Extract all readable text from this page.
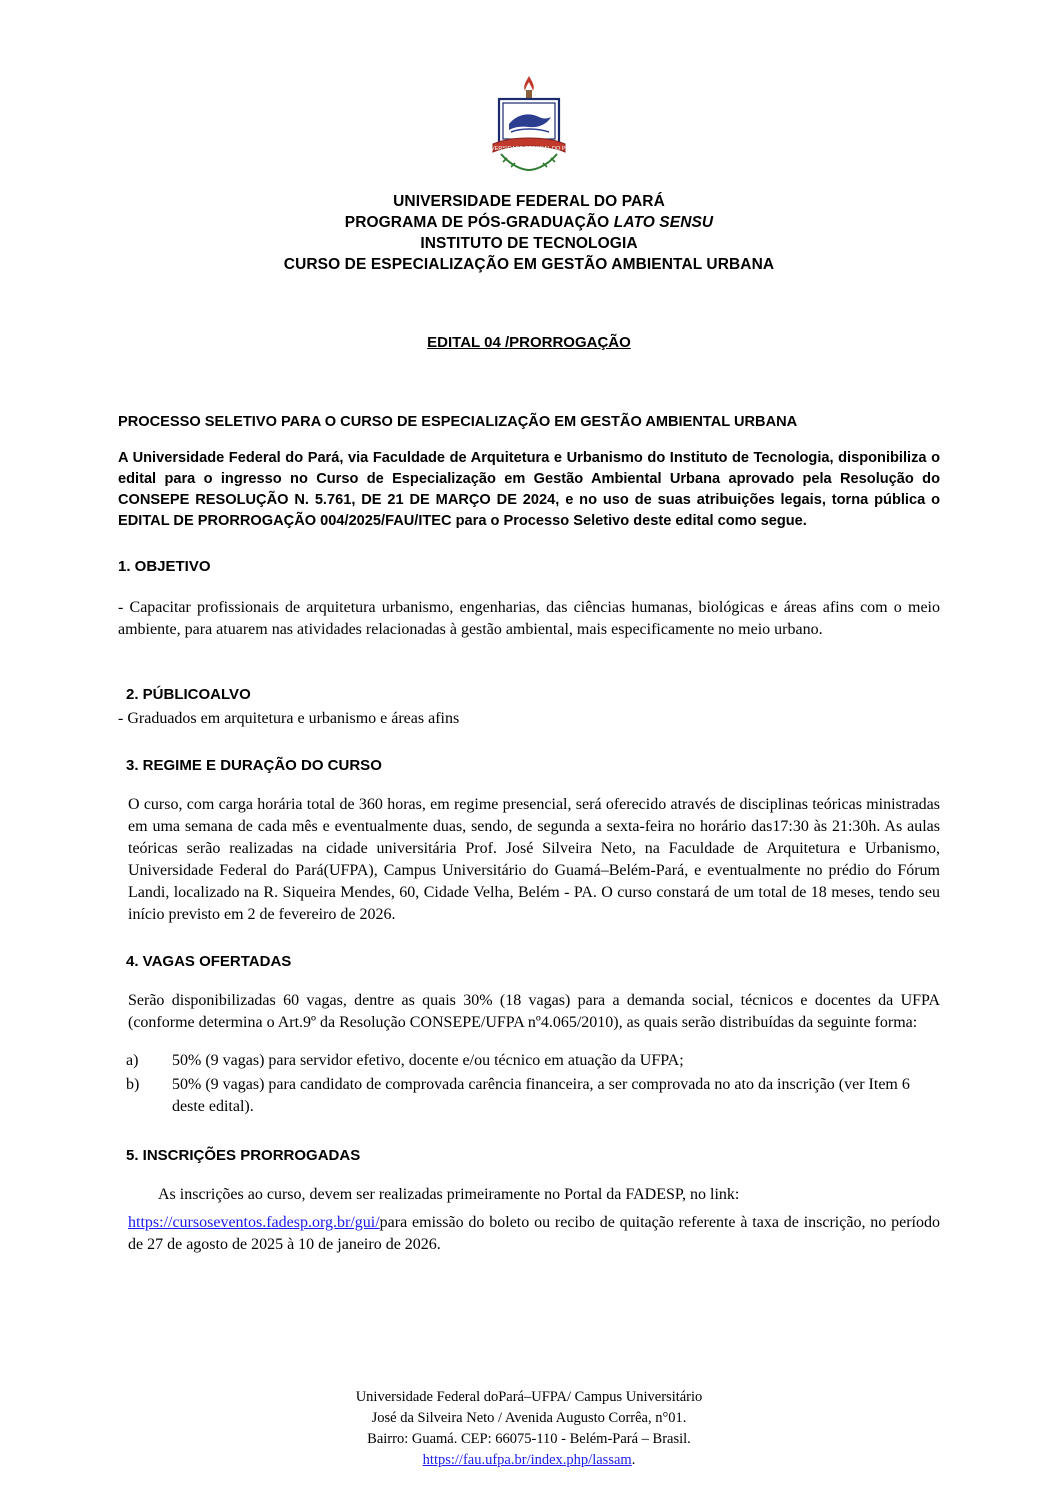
UNIVERSIDADE FEDERAL DO PARÁ
UNIVERSIDADE FEDERAL DO PARÁ
PROGRAMA DE PÓS-GRADUAÇÃO LATO SENSU
INSTITUTO DE TECNOLOGIA
CURSO DE ESPECIALIZAÇÃO EM GESTÃO AMBIENTAL URBANA
EDITAL 04 /PRORROGAÇÃO
PROCESSO SELETIVO PARA O CURSO DE ESPECIALIZAÇÃO EM GESTÃO AMBIENTAL URBANA
A Universidade Federal do Pará, via Faculdade de Arquitetura e Urbanismo do Instituto de Tecnologia, disponibiliza o edital para o ingresso no Curso de Especialização em Gestão Ambiental Urbana aprovado pela Resolução do CONSEPE RESOLUÇÃO N. 5.761, DE 21 DE MARÇO DE 2024, e no uso de suas atribuições legais, torna pública o EDITAL DE PRORROGAÇÃO 004/2025/FAU/ITEC para o Processo Seletivo deste edital como segue.
1. OBJETIVO

- Capacitar profissionais de arquitetura urbanismo, engenharias, das ciências humanas, biológicas e áreas afins com o meio ambiente, para atuarem nas atividades relacionadas à gestão ambiental, mais especificamente no meio urbano.

2. PÚBLICOALVO

- Graduados em arquitetura e urbanismo e áreas afins

3. REGIME E DURAÇÃO DO CURSO

O curso, com carga horária total de 360 horas, em regime presencial, será oferecido através de disciplinas teóricas ministradas em uma semana de cada mês e eventualmente duas, sendo, de segunda a sexta-feira no horário das17:30 às 21:30h. As aulas teóricas serão realizadas na cidade universitária Prof. José Silveira Neto, na Faculdade de Arquitetura e Urbanismo, Universidade Federal do Pará(UFPA), Campus Universitário do Guamá–Belém-Pará, e eventualmente no prédio do Fórum Landi, localizado na R. Siqueira Mendes, 60, Cidade Velha, Belém - PA. O curso constará de um total de 18 meses, tendo seu início previsto em 2 de fevereiro de 2026.

4. VAGAS OFERTADAS

Serão disponibilizadas 60 vagas, dentre as quais 30% (18 vagas) para a demanda social, técnicos e docentes da UFPA (conforme determina o Art.9º da Resolução CONSEPE/UFPA nº4.065/2010), as quais serão distribuídas da seguinte forma:

a)	50% (9 vagas) para servidor efetivo, docente e/ou técnico em atuação da UFPA;
b)	50% (9 vagas) para candidato de comprovada carência financeira, a ser comprovada no ato da inscrição (ver Item 6 deste edital).
5. INSCRIÇÕES PRORROGADAS

As inscrições ao curso, devem ser realizadas primeiramente no Portal da FADESP, no link:

https://cursoseventos.fadesp.org.br/gui/para emissão do boleto ou recibo de quitação referente à taxa de inscrição, no período de 27 de agosto de 2025 à 10 de janeiro de 2026.

Universidade Federal doPará–UFPA/ Campus Universitário
José da Silveira Neto / Avenida Augusto Corrêa, n°01.
Bairro: Guamá. CEP: 66075-110 - Belém-Pará – Brasil.
https://fau.ufpa.br/index.php/lassam.
